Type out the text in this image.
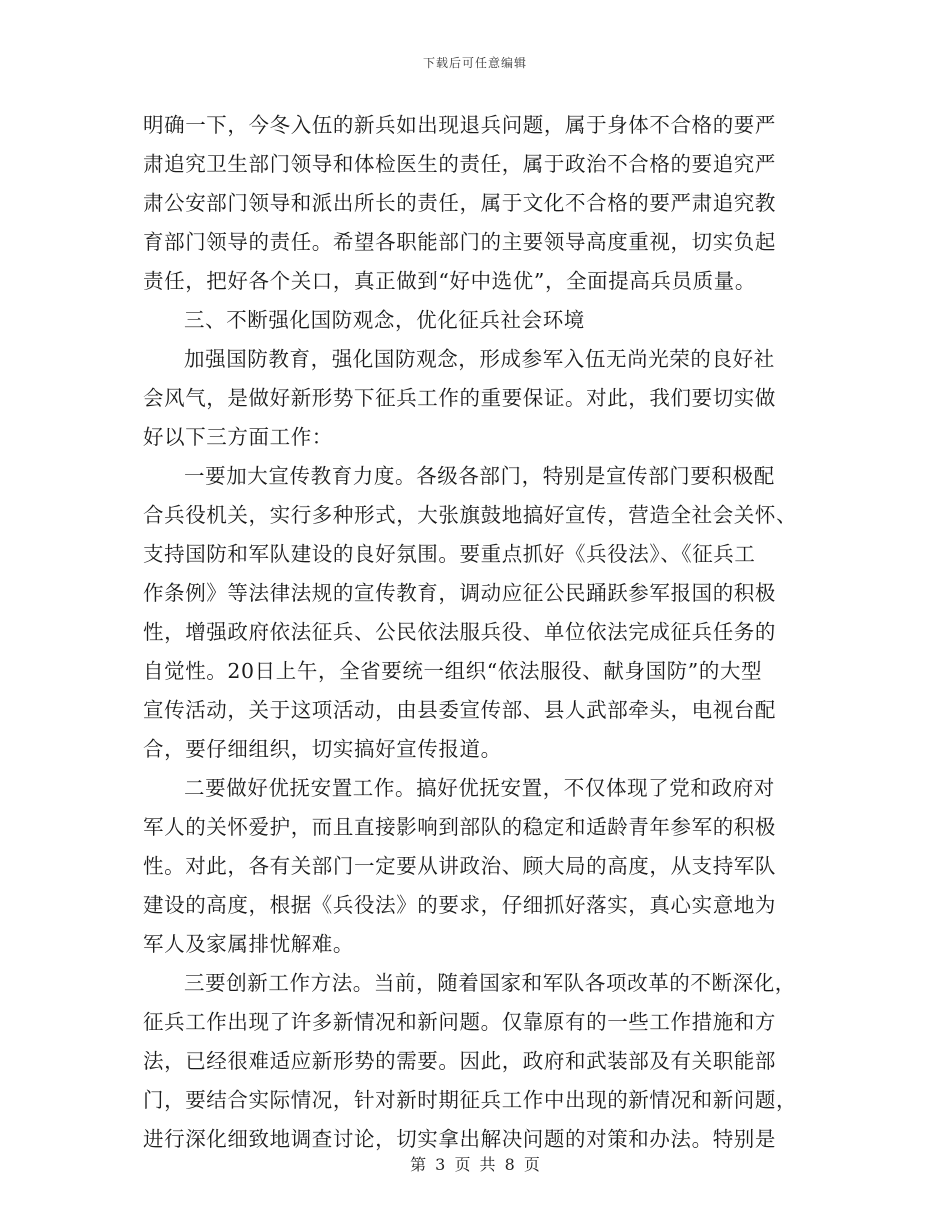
下载后可任意编辑
明确一下，今冬入伍的新兵如出现退兵问题，属于身体不合格的要严
肃追究卫生部门领导和体检医生的责任，属于政治不合格的要追究严
肃公安部门领导和派出所长的责任，属于文化不合格的要严肃追究教
育部门领导的责任。希望各职能部门的主要领导高度重视，切实负起
责任，把好各个关口，真正做到“好中选优”，全面提高兵员质量。
三、不断强化国防观念，优化征兵社会环境
加强国防教育，强化国防观念，形成参军入伍无尚光荣的良好社
会风气，是做好新形势下征兵工作的重要保证。对此，我们要切实做
好以下三方面工作：
一要加大宣传教育力度。各级各部门，特别是宣传部门要积极配
合兵役机关，实行多种形式，大张旗鼓地搞好宣传，营造全社会关怀、
支持国防和军队建设的良好氛围。要重点抓好《兵役法》、《征兵工
作条例》等法律法规的宣传教育，调动应征公民踊跃参军报国的积极
性，增强政府依法征兵、公民依法服兵役、单位依法完成征兵任务的
自觉性。20日上午，全省要统一组织“依法服役、献身国防”的大型
宣传活动，关于这项活动，由县委宣传部、县人武部牵头，电视台配
合，要仔细组织，切实搞好宣传报道。
二要做好优抚安置工作。搞好优抚安置，不仅体现了党和政府对
军人的关怀爱护，而且直接影响到部队的稳定和适龄青年参军的积极
性。对此，各有关部门一定要从讲政治、顾大局的高度，从支持军队
建设的高度，根据《兵役法》的要求，仔细抓好落实，真心实意地为
军人及家属排忧解难。
三要创新工作方法。当前，随着国家和军队各项改革的不断深化，
征兵工作出现了许多新情况和新问题。仅靠原有的一些工作措施和方
法，已经很难适应新形势的需要。因此，政府和武装部及有关职能部
门，要结合实际情况，针对新时期征兵工作中出现的新情况和新问题，
进行深化细致地调查讨论，切实拿出解决问题的对策和办法。特别是
第 3 页 共 8 页
